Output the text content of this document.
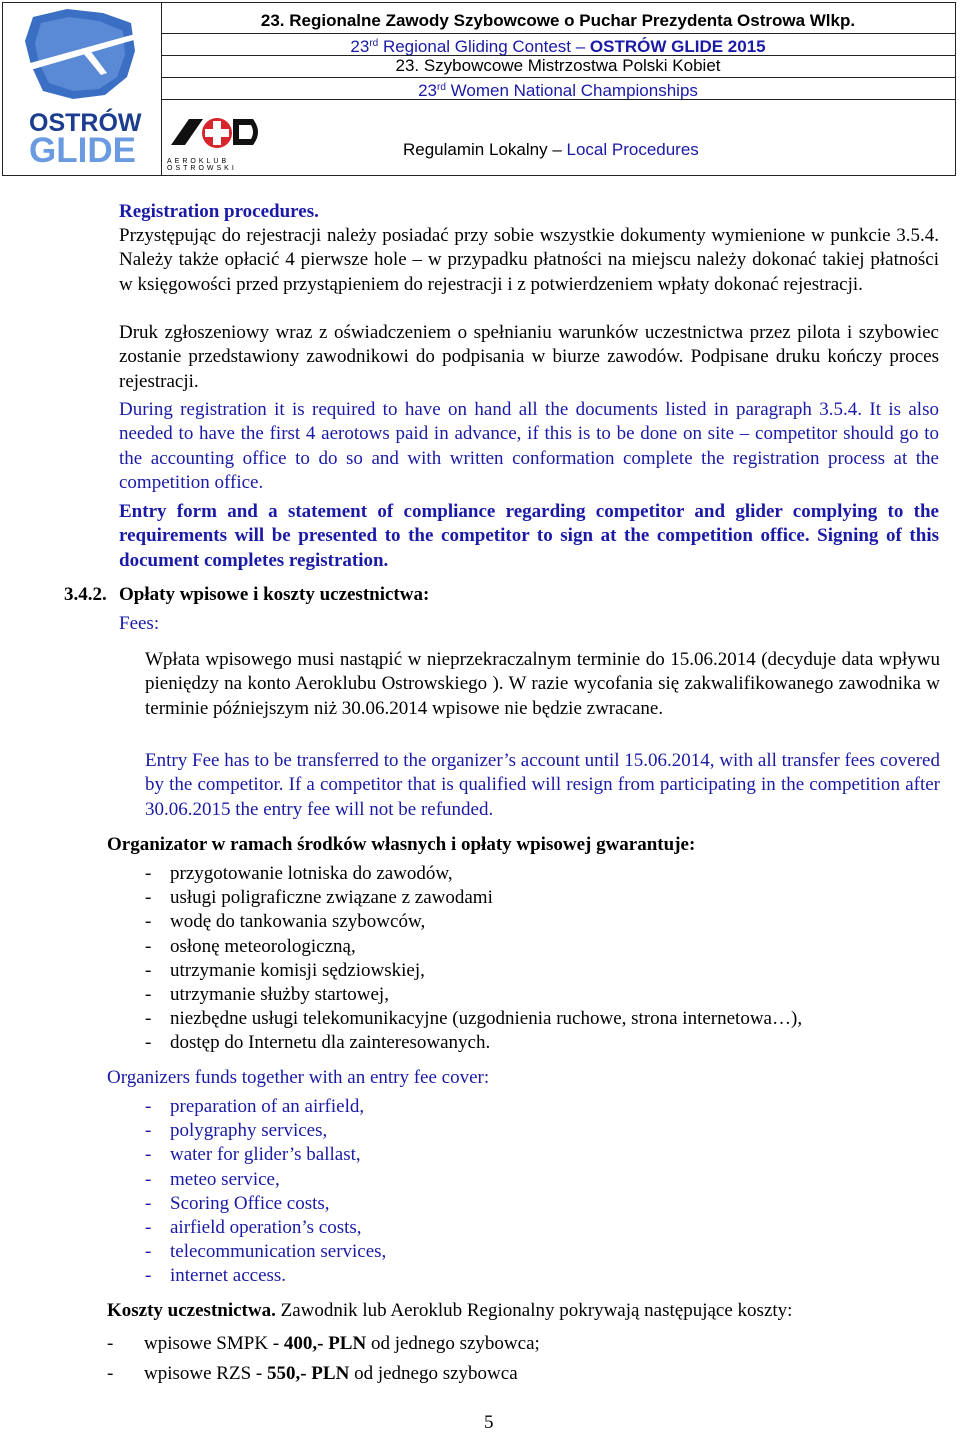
OSTRÓW
GLIDE	AEROKLUB OSTROWSKI
23. Regionalne Zawody Szybowcowe o Puchar Prezydenta Ostrowa Wlkp.
23rd Regional Gliding Contest – OSTRÓW GLIDE 2015
23. Szybowcowe Mistrzostwa Polski Kobiet
23rd Women National Championships
Regulamin Lokalny – Local Procedures
Registration procedures.
Przystępując do rejestracji należy posiadać przy sobie wszystkie dokumenty wymienione w punkcie 3.5.4. Należy także opłacić 4 pierwsze hole – w przypadku płatności na miejscu należy dokonać takiej płatności w księgowości przed przystąpieniem do rejestracji i z potwierdzeniem wpłaty dokonać rejestracji.
Druk zgłoszeniowy wraz z oświadczeniem o spełnianiu warunków uczestnictwa przez pilota i szybowiec zostanie przedstawiony zawodnikowi do podpisania w biurze zawodów. Podpisane druku kończy proces rejestracji.
During registration it is required to have on hand all the documents listed in paragraph 3.5.4. It is also needed to have the first 4 aerotows paid in advance, if this is to be done on site – competitor should go to the accounting office to do so and with written conformation complete the registration process at the competition office.
Entry form and a statement of compliance regarding competitor and glider complying to the requirements will be presented to the competitor to sign at the competition office. Signing of this document completes registration.
3.4.2. Opłaty wpisowe i koszty uczestnictwa:
Fees:
Wpłata wpisowego musi nastąpić w nieprzekraczalnym terminie do 15.06.2014 (decyduje data wpływu pieniędzy na konto Aeroklubu Ostrowskiego ). W razie wycofania się zakwalifikowanego zawodnika w terminie późniejszym niż 30.06.2014 wpisowe nie będzie zwracane.
Entry Fee has to be transferred to the organizer’s account until 15.06.2014, with all transfer fees covered by the competitor. If a competitor that is qualified will resign from participating in the competition after 30.06.2015 the entry fee will not be refunded.
Organizator w ramach środków własnych i opłaty wpisowej gwarantuje:
- przygotowanie lotniska do zawodów,
- usługi poligraficzne związane z zawodami
- wodę do tankowania szybowców,
- osłonę meteorologiczną,
- utrzymanie komisji sędziowskiej,
- utrzymanie służby startowej,
- niezbędne usługi telekomunikacyjne (uzgodnienia ruchowe, strona internetowa…),
- dostęp do Internetu dla zainteresowanych.
Organizers funds together with an entry fee cover:
- preparation of an airfield,
- polygraphy services,
- water for glider’s ballast,
- meteo service,
- Scoring Office costs,
- airfield operation’s costs,
- telecommunication services,
- internet access.
Koszty uczestnictwa. Zawodnik lub Aeroklub Regionalny pokrywają następujące koszty:
- wpisowe SMPK - 400,- PLN od jednego szybowca;
- wpisowe RZS - 550,- PLN od jednego szybowca
5
